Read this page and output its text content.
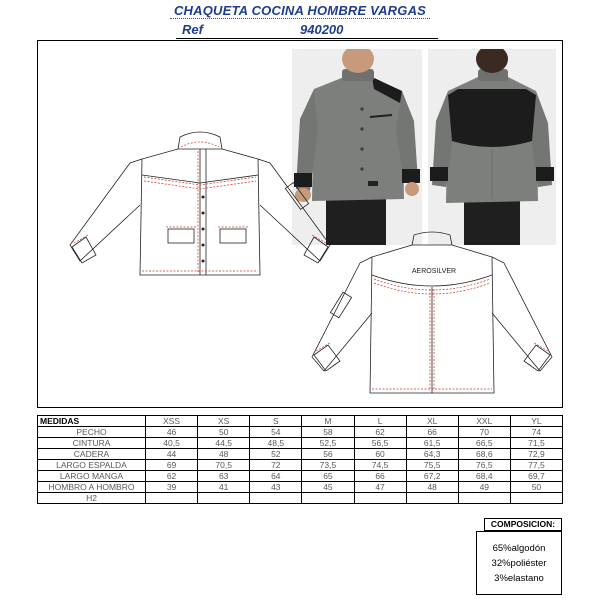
CHAQUETA COCINA HOMBRE VARGAS
Ref	940200
AEROSILVER
MEDIDAS	XSS	XS	S	M	L	XL	XXL	YL
PECHO	46	50	54	58	62	66	70	74
CINTURA	40,5	44,5	48,5	52,5	56,5	61,5	66,5	71,5
CADERA	44	48	52	56	60	64,3	68,6	72,9
LARGO ESPALDA	69	70,5	72	73,5	74,5	75,5	76,5	77,5
LARGO MANGA	62	63	64	65	66	67,2	68,4	69,7
HOMBRO A HOMBRO	39	41	43	45	47	48	49	50
H2								
COMPOSICION:
65%algodón
32%poliéster
3%elastano
